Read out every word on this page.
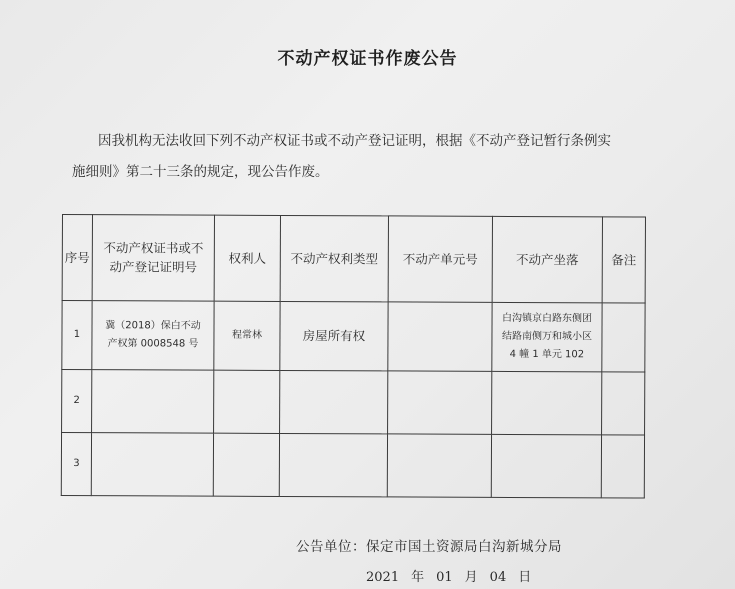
不动产权证书作废公告
因我机构无法收回下列不动产权证书或不动产登记证明，根据《不动产登记暂行条例实
施细则》第二十三条的规定，现公告作废。
序号	不动产权证书或不动产登记证明号	权利人	不动产权利类型	不动产单元号	不动产坐落	备注
1	冀（2018）保白不动产权第 0008548 号	程常林	房屋所有权		白沟镇京白路东侧团结路南侧万和城小区 4 幢 1 单元 102	

2						
3						
公告单位：保定市国土资源局白沟新城分局
2021 年 01 月 04 日
